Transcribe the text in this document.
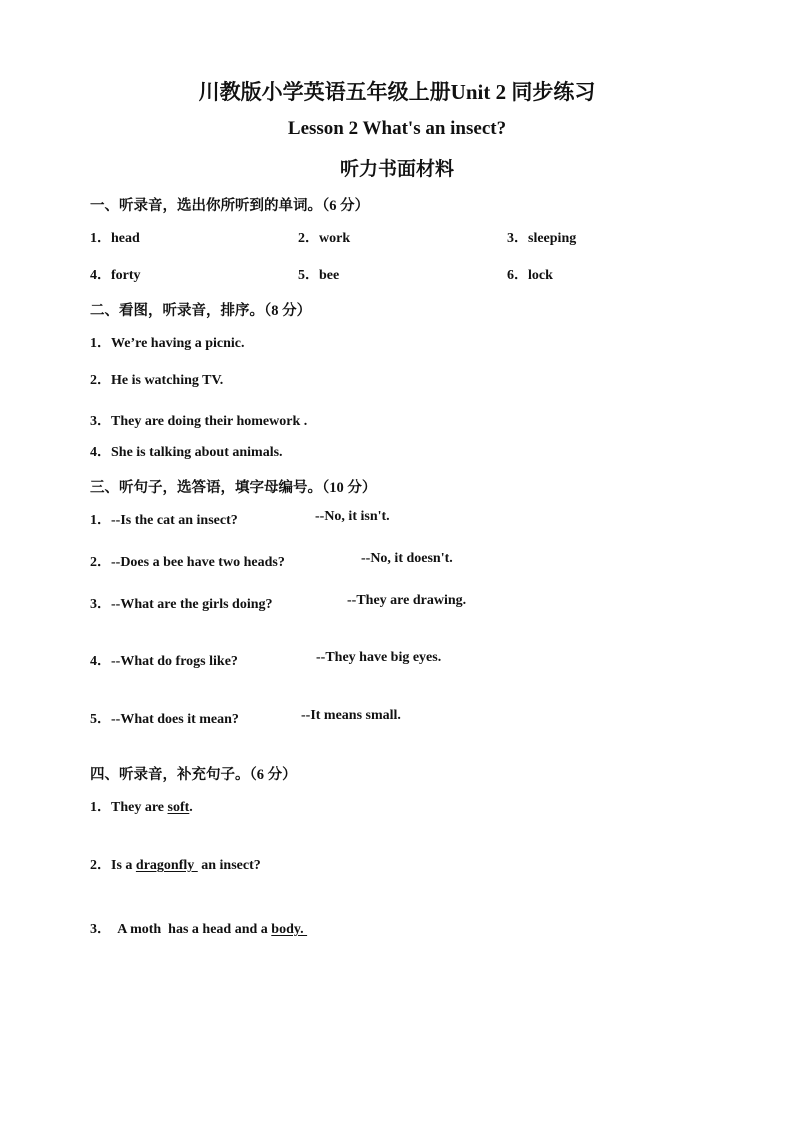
川教版小学英语五年级上册Unit 2 同步练习
Lesson 2 What's an insect?
听力书面材料
一、听录音，选出你所听到的单词。（6 分）
1．head	2．work	3．sleeping
4．forty	5．bee	6．lock
二、看图，听录音，排序。（8 分）
1．We’re having a picnic.
2．He is watching TV.
3．They are doing their homework .
4．She is talking about animals.
三、听句子，选答语，填字母编号。（10 分）
1．--Is the cat an insect?	--No, it isn't.
2．--Does a bee have two heads?	--No, it doesn't.
3．--What are the girls doing?	--They are drawing.
4．--What do frogs like?	--They have big eyes.
5．--What does it mean?	--It means small.
四、听录音，补充句子。（6 分）
1．They are soft.
2．Is a dragonfly  an insect?
3．  A moth  has a head and a body.
